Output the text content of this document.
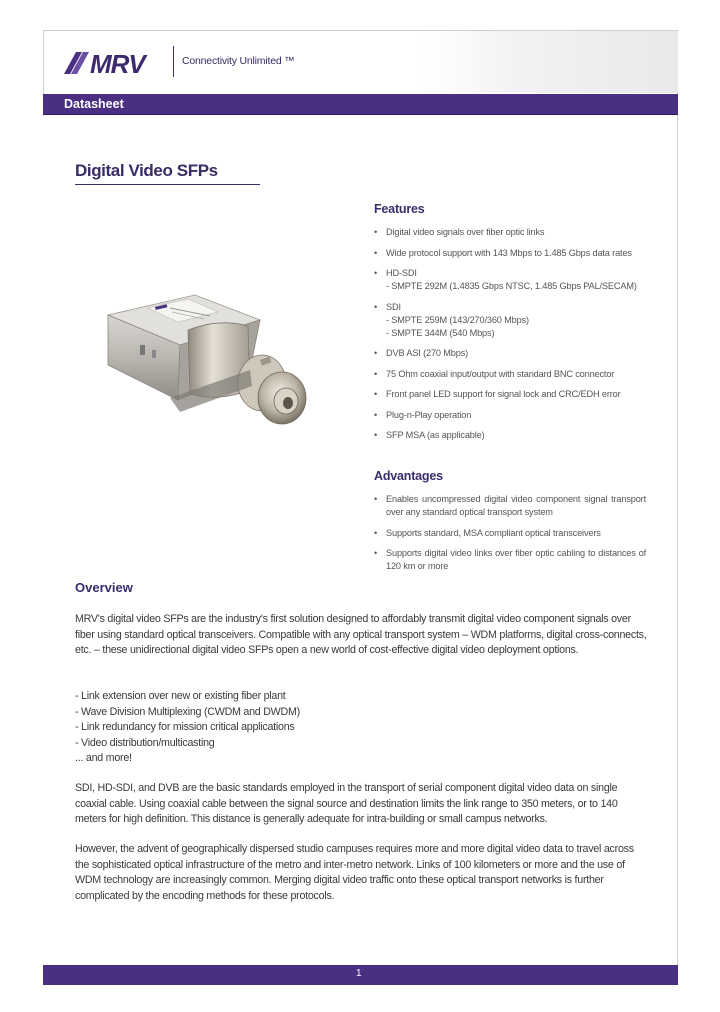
MRV	Connectivity Unlimited ™
Datasheet
Digital Video SFPs
Features
• Digital video signals over fiber optic links
• Wide protocol support with 143 Mbps to 1.485 Gbps data rates
• HD-SDI
- SMPTE 292M (1.4835 Gbps NTSC, 1.485 Gbps PAL/SECAM)
• SDI
- SMPTE 259M (143/270/360 Mbps)
- SMPTE 344M (540 Mbps)
• DVB ASI (270 Mbps)
• 75 Ohm coaxial input/output with standard BNC connector
• Front panel LED support for signal lock and CRC/EDH error
• Plug-n-Play operation
• SFP MSA (as applicable)
Advantages
• Enables uncompressed digital video component signal transport over any standard optical transport system
• Supports standard, MSA compliant optical transceivers
• Supports digital video links over fiber optic cabling to distances of 120 km or more
Overview

MRV's digital video SFPs are the industry's first solution designed to affordably transmit digital video component signals over fiber using standard optical transceivers. Compatible with any optical transport system – WDM platforms, digital cross-connects, etc. – these unidirectional digital video SFPs open a new world of cost-effective digital video deployment options.

- Link extension over new or existing fiber plant
- Wave Division Multiplexing (CWDM and DWDM)
- Link redundancy for mission critical applications
- Video distribution/multicasting
... and more!

SDI, HD-SDI, and DVB are the basic standards employed in the transport of serial component digital video data on single coaxial cable. Using coaxial cable between the signal source and destination limits the link range to 350 meters, or to 140 meters for high definition. This distance is generally adequate for intra-building or small campus networks.

However, the advent of geographically dispersed studio campuses requires more and more digital video data to travel across the sophisticated optical infrastructure of the metro and inter-metro network. Links of 100 kilometers or more and the use of WDM technology are increasingly common. Merging digital video traffic onto these optical transport networks is further complicated by the encoding methods for these protocols.

1
